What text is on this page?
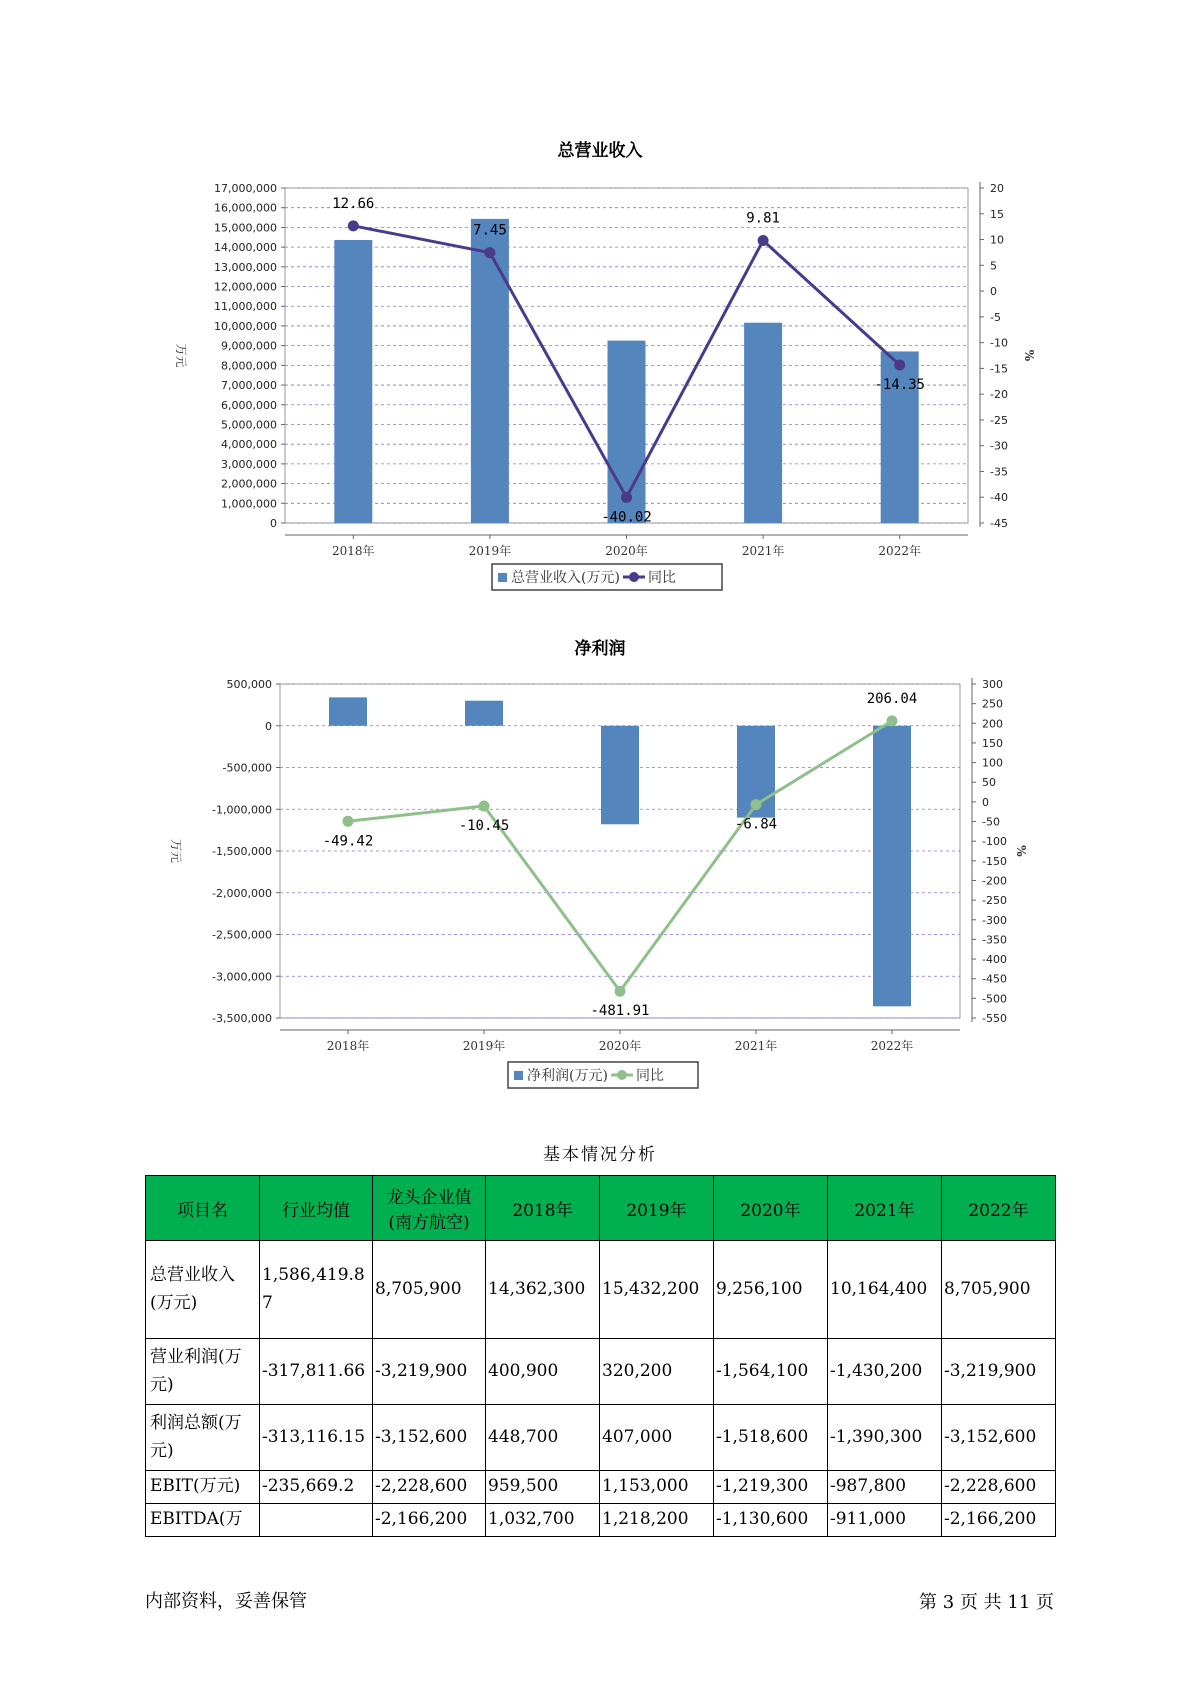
总营业收入
0
1,000,000
2,000,000
3,000,000
4,000,000
5,000,000
6,000,000
7,000,000
8,000,000
9,000,000
10,000,000
11,000,000
12,000,000
13,000,000
14,000,000
15,000,000
16,000,000
17,000,000	20
15
10
5
0
-5
-10
-15
-20
-25
-30
-35
-40
-45
万元	%
2018年	2019年	2020年	2021年	2022年
12.66
7.45
-40.02
9.81
-14.35
总营业收入(万元) 同比
净利润
500,000
0
-500,000
-1,000,000
-1,500,000
-2,000,000
-2,500,000
-3,000,000
-3,500,000
300
250
200
150
100
50
0
-50
-100
-150
-200
-250
-300
-350
-400
-450
-500
-550
万元	%
2018年	2019年	2020年	2021年	2022年
-49.42
-10.45
-481.91
-6.84
206.04
净利润(万元) 同比
基本情况分析
项目名	行业均值	龙头企业值(南方航空)	2018年	2019年	2020年	2021年	2022年
总营业收入(万元)	1,586,419.87	8,705,900	14,362,300	15,432,200	9,256,100	10,164,400	8,705,900
营业利润(万元)	-317,811.66	-3,219,900	400,900	320,200	-1,564,100	-1,430,200	-3,219,900
利润总额(万元)	-313,116.15	-3,152,600	448,700	407,000	-1,518,600	-1,390,300	-3,152,600
EBIT(万元)	-235,669.2	-2,228,600	959,500	1,153,000	-1,219,300	-987,800	-2,228,600
EBITDA(万		-2,166,200	1,032,700	1,218,200	-1,130,600	-911,000	-2,166,200
内部资料，妥善保管	第 3 页 共 11 页
